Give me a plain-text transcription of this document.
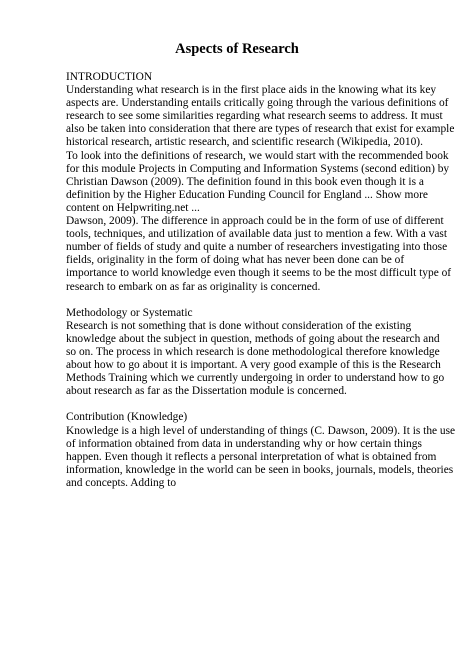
Aspects of Research
INTRODUCTION
Understanding what research is in the first place aids in the knowing what its key
aspects are. Understanding entails critically going through the various definitions of
research to see some similarities regarding what research seems to address. It must
also be taken into consideration that there are types of research that exist for example
historical research, artistic research, and scientific research (Wikipedia, 2010).
To look into the definitions of research, we would start with the recommended book
for this module Projects in Computing and Information Systems (second edition) by
Christian Dawson (2009). The definition found in this book even though it is a
definition by the Higher Education Funding Council for England ... Show more
content on Helpwriting.net ...
Dawson, 2009). The difference in approach could be in the form of use of different
tools, techniques, and utilization of available data just to mention a few. With a vast
number of fields of study and quite a number of researchers investigating into those
fields, originality in the form of doing what has never been done can be of
importance to world knowledge even though it seems to be the most difficult type of
research to embark on as far as originality is concerned.
Methodology or Systematic
Research is not something that is done without consideration of the existing
knowledge about the subject in question, methods of going about the research and
so on. The process in which research is done methodological therefore knowledge
about how to go about it is important. A very good example of this is the Research
Methods Training which we currently undergoing in order to understand how to go
about research as far as the Dissertation module is concerned.
Contribution (Knowledge)
Knowledge is a high level of understanding of things (C. Dawson, 2009). It is the use
of information obtained from data in understanding why or how certain things
happen. Even though it reflects a personal interpretation of what is obtained from
information, knowledge in the world can be seen in books, journals, models, theories
and concepts. Adding to
